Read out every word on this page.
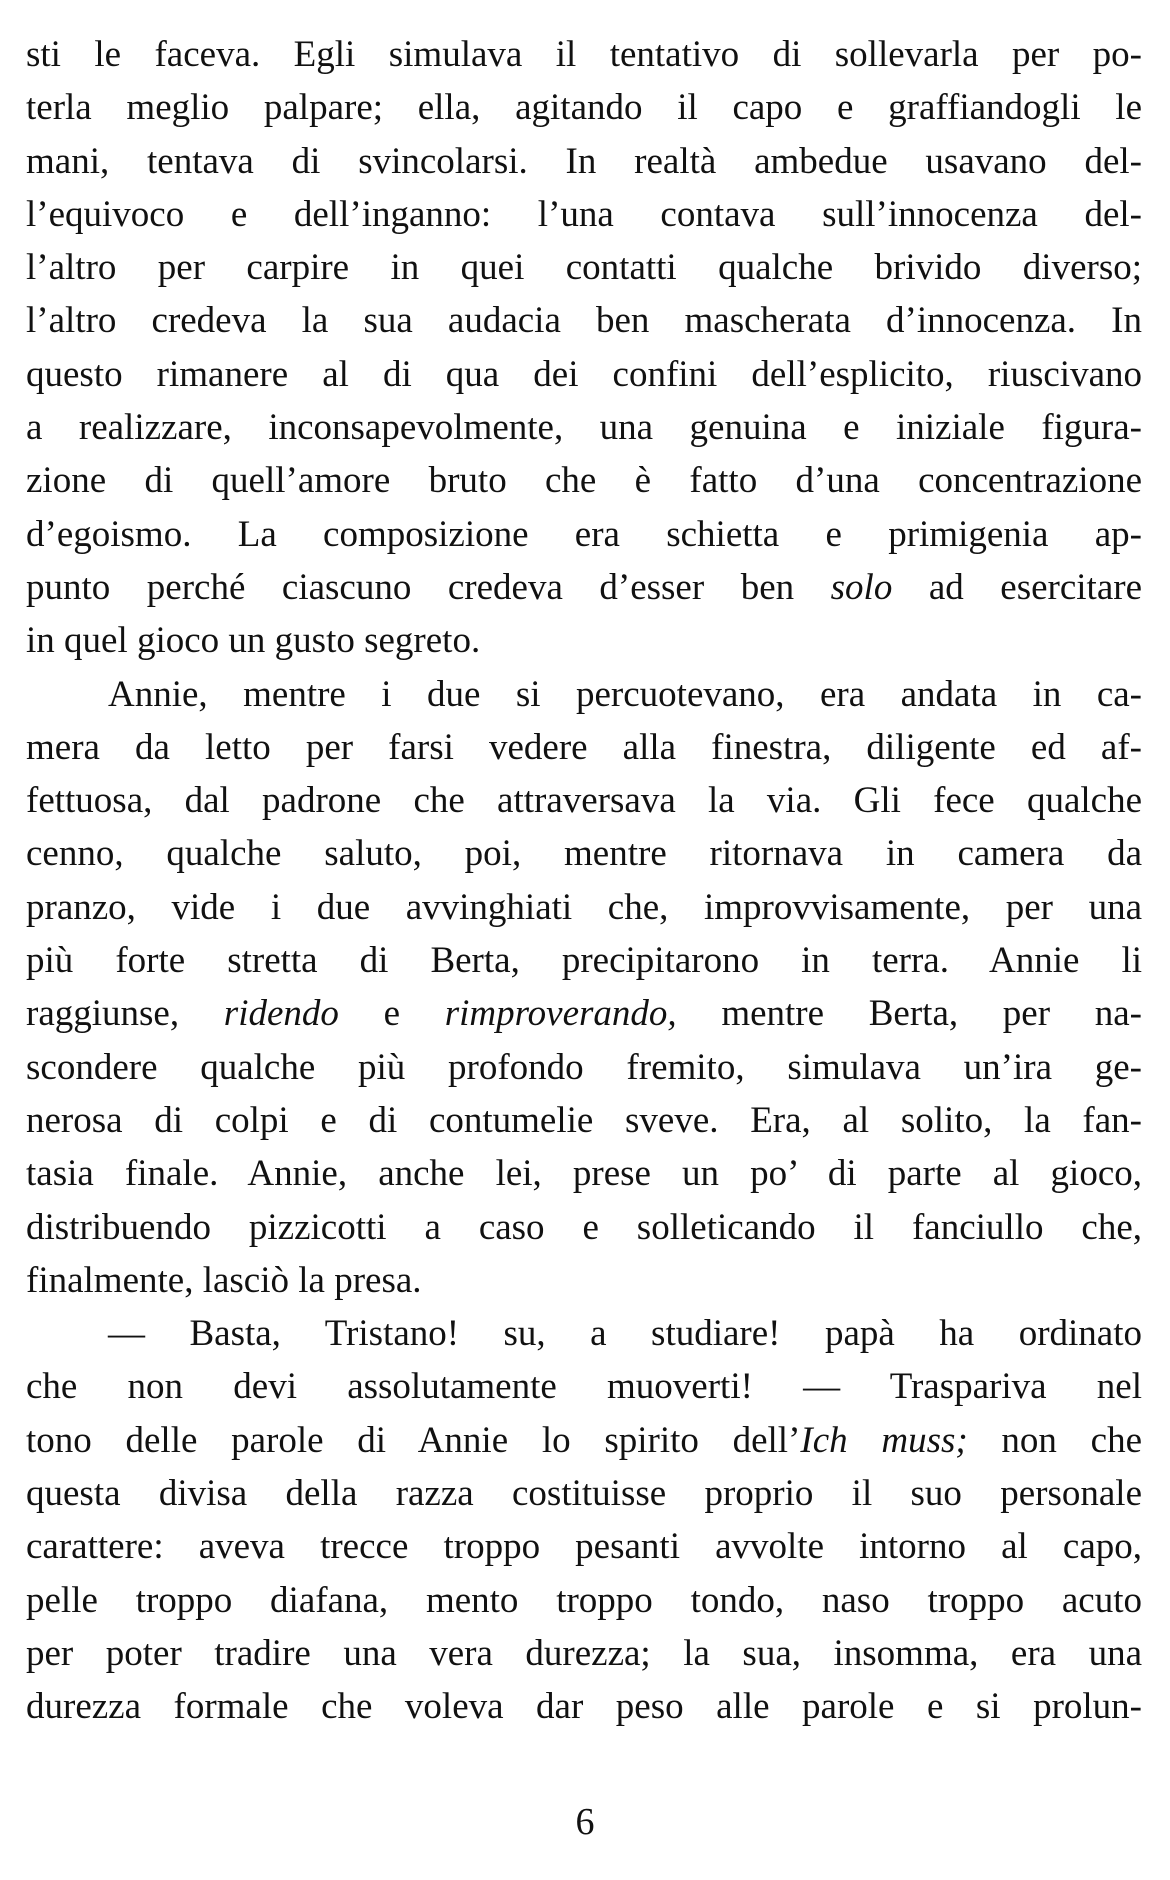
sti le faceva. Egli simulava il tentativo di sollevarla per po-
terla meglio palpare; ella, agitando il capo e graffiandogli le
mani, tentava di svincolarsi. In realtà ambedue usavano del-
l’equivoco e dell’inganno: l’una contava sull’innocenza del-
l’altro per carpire in quei contatti qualche brivido diverso;
l’altro credeva la sua audacia ben mascherata d’innocenza. In
questo rimanere al di qua dei confini dell’esplicito, riuscivano
a realizzare, inconsapevolmente, una genuina e iniziale figura-
zione di quell’amore bruto che è fatto d’una concentrazione
d’egoismo. La composizione era schietta e primigenia ap-
punto perché ciascuno credeva d’esser ben solo ad esercitare
in quel gioco un gusto segreto.
Annie, mentre i due si percuotevano, era andata in ca-
mera da letto per farsi vedere alla finestra, diligente ed af-
fettuosa, dal padrone che attraversava la via. Gli fece qualche
cenno, qualche saluto, poi, mentre ritornava in camera da
pranzo, vide i due avvinghiati che, improvvisamente, per una
più forte stretta di Berta, precipitarono in terra. Annie li
raggiunse, ridendo e rimproverando, mentre Berta, per na-
scondere qualche più profondo fremito, simulava un’ira ge-
nerosa di colpi e di contumelie sveve. Era, al solito, la fan-
tasia finale. Annie, anche lei, prese un po’ di parte al gioco,
distribuendo pizzicotti a caso e solleticando il fanciullo che,
finalmente, lasciò la presa.
— Basta, Tristano! su, a studiare! papà ha ordinato
che non devi assolutamente muoverti! — Traspariva nel
tono delle parole di Annie lo spirito dell’Ich muss; non che
questa divisa della razza costituisse proprio il suo personale
carattere: aveva trecce troppo pesanti avvolte intorno al capo,
pelle troppo diafana, mento troppo tondo, naso troppo acuto
per poter tradire una vera durezza; la sua, insomma, era una
durezza formale che voleva dar peso alle parole e si prolun-
6
